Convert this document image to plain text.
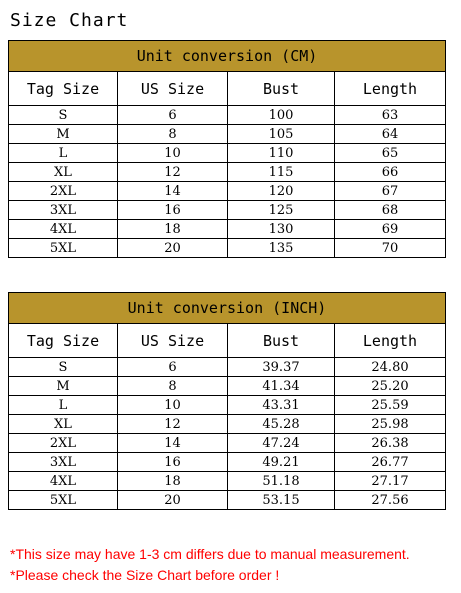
Size Chart
Unit conversion (CM)			
Tag Size	US Size	Bust	Length
S	6	100	63
M	8	105	64
L	10	110	65
XL	12	115	66
2XL	14	120	67
3XL	16	125	68
4XL	18	130	69
5XL	20	135	70
Unit conversion (INCH)			
Tag Size	US Size	Bust	Length
S	6	39.37	24.80
M	8	41.34	25.20
L	10	43.31	25.59
XL	12	45.28	25.98
2XL	14	47.24	26.38
3XL	16	49.21	26.77
4XL	18	51.18	27.17
5XL	20	53.15	27.56
*This size may have 1-3 cm differs due to manual measurement.
*Please check the Size Chart before order !
